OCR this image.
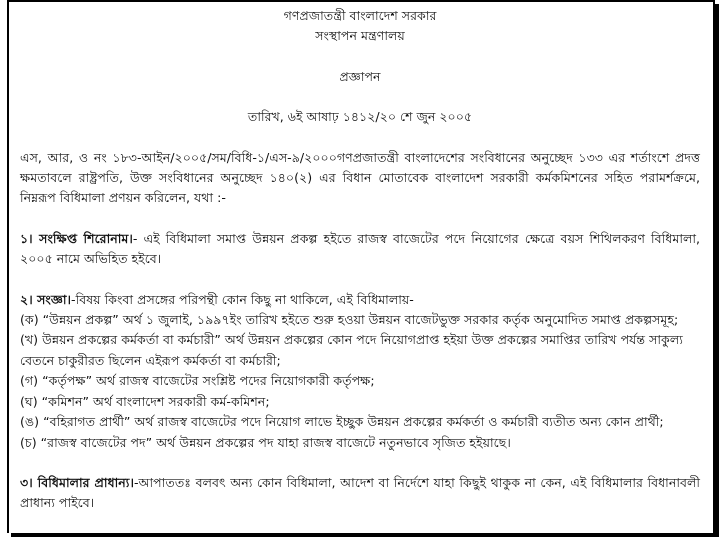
গণপ্রজাতন্ত্রী বাংলাদেশ সরকার

সংস্থাপন মন্ত্রণালয়

প্রজ্ঞাপন

তারিখ, ৬ই আষাঢ় ১৪১২/২০ শে জুন ২০০৫

এস, আর, ও নং ১৮৩-আইন/২০০৫/সম/বিধি-১/এস-৯/২০০০গণপ্রজাতন্ত্রী বাংলাদেশের সংবিধানের অনুচ্ছেদ ১৩৩ এর শর্তাংশে প্রদত্ত ক্ষমতাবলে রাষ্ট্রপতি, উক্ত সংবিধানের অনুচ্ছেদ ১৪০(২) এর বিধান মোতাবেক বাংলাদেশ সরকারী কর্মকমিশনের সহিত পরামর্শক্রমে, নিম্নরূপ বিধিমালা প্রণয়ন করিলেন, যথা :-

১। সংক্ষিপ্ত শিরোনাম।- এই বিধিমালা সমাপ্ত উন্নয়ন প্রকল্প হইতে রাজস্ব বাজেটের পদে নিয়োগের ক্ষেত্রে বয়স শিথিলকরণ বিধিমালা, ২০০৫ নামে অভিহিত হইবে।

২। সংজ্ঞা।-বিষয় কিংবা প্রসঙ্গের পরিপন্থী কোন কিছু না থাকিলে, এই বিধিমালায়-

(ক) “উন্নয়ন প্রকল্প” অর্থ ১ জুলাই, ১৯৯৭ইং তারিখ হইতে শুরু হওয়া উন্নয়ন বাজেটভুক্ত সরকার কর্তৃক অনুমোদিত সমাপ্ত প্রকল্পসমূহ;

(খ) উন্নয়ন প্রকল্পের কর্মকর্তা বা কর্মচারী” অর্থ উন্নয়ন প্রকল্পের কোন পদে নিয়োগপ্রাপ্ত হইয়া উক্ত প্রকল্পের সমাপ্তির তারিখ পর্যন্ত সাকুল্য বেতনে চাকুরীরত ছিলেন এইরূপ কর্মকর্তা বা কর্মচারী;

(গ) “কর্তৃপক্ষ” অর্থ রাজস্ব বাজেটের সংশ্লিষ্ট পদের নিয়োগকারী কর্তৃপক্ষ;

(ঘ) “কমিশন” অর্থ বাংলাদেশ সরকারী কর্ম-কমিশন;

(ঙ) “বহিরাগত প্রার্থী” অর্থ রাজস্ব বাজেটের পদে নিয়োগ লাভে ইচ্ছুক উন্নয়ন প্রকল্পের কর্মকর্তা ও কর্মচারী ব্যতীত অন্য কোন প্রার্থী;

(চ) “রাজস্ব বাজেটের পদ” অর্থ উন্নয়ন প্রকল্পের পদ যাহা রাজস্ব বাজেটে নতুনভাবে সৃজিত হইয়াছে।

৩। বিধিমালার প্রাধান্য।-আপাততঃ বলবৎ অন্য কোন বিধিমালা, আদেশ বা নির্দেশে যাহা কিছুই থাকুক না কেন, এই বিধিমালার বিধানাবলী প্রাধান্য পাইবে।
